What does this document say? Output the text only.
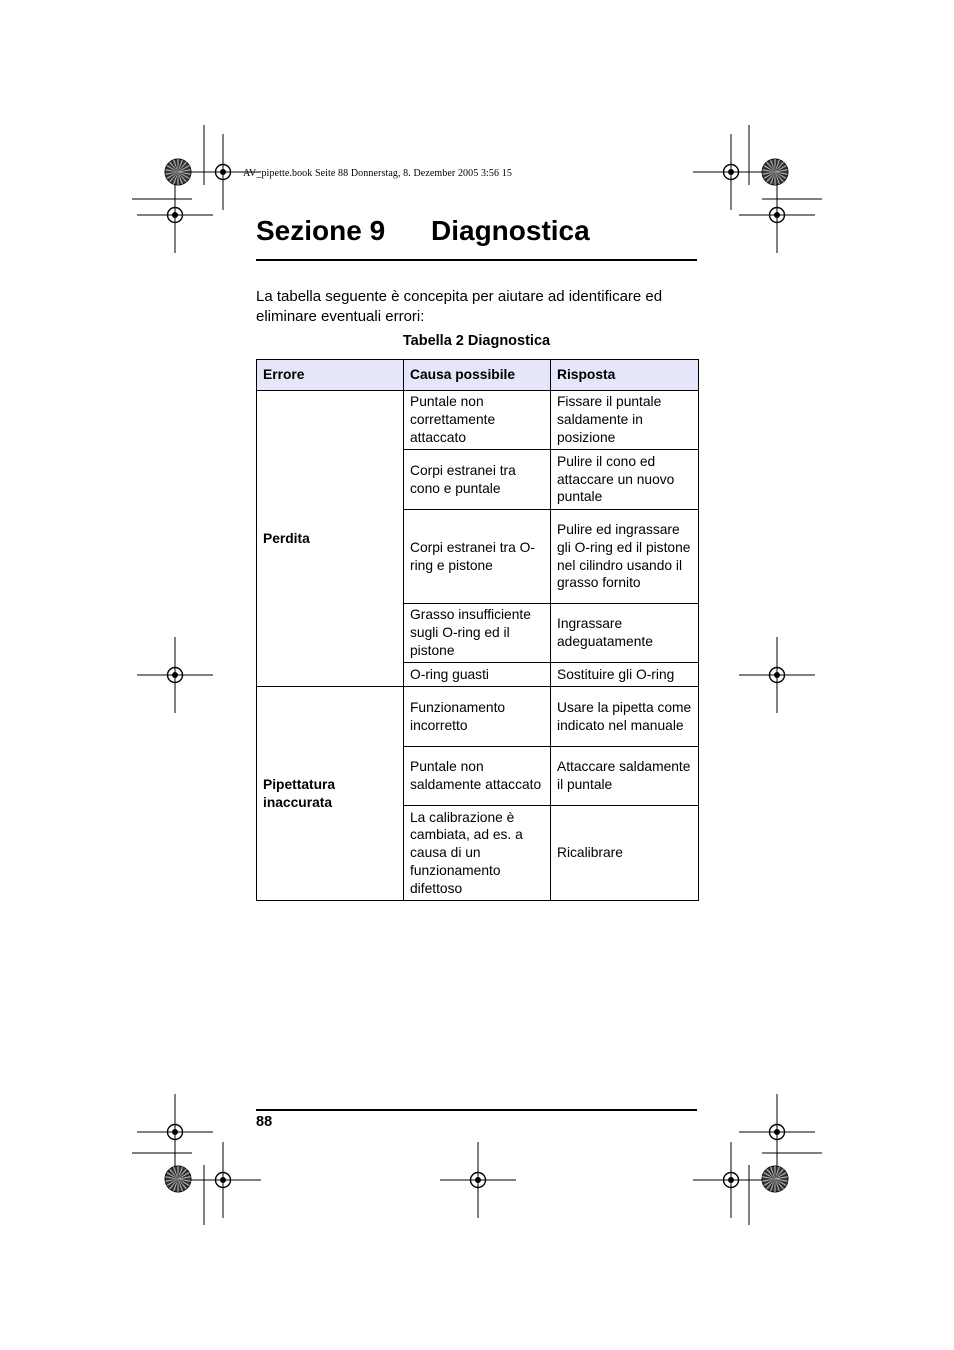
AV_pipette.book Seite 88 Donnerstag, 8. Dezember 2005 3:56 15
Sezione 9 Diagnostica
La tabella seguente è concepita per aiutare ad identificare ed eliminare eventuali errori:
Tabella 2 Diagnostica
Errore	Causa possibile	Risposta
Perdita	Puntale non correttamente attaccato	Fissare il puntale saldamente in posizione
	Corpi estranei tra cono e puntale	Pulire il cono ed attaccare un nuovo puntale
	Corpi estranei tra O-ring e pistone	Pulire ed ingrassare gli O-ring ed il pistone nel cilindro usando il grasso fornito
	Grasso insufficiente sugli O-ring ed il pistone	Ingrassare adeguatamente
	O-ring guasti	Sostituire gli O-ring
Pipettatura inaccurata	Funzionamento incorretto	Usare la pipetta come indicato nel manuale
	Puntale non saldamente attaccato	Attaccare saldamente il puntale
	La calibrazione è cambiata, ad es. a causa di un funzionamento difettoso	Ricalibrare
88
